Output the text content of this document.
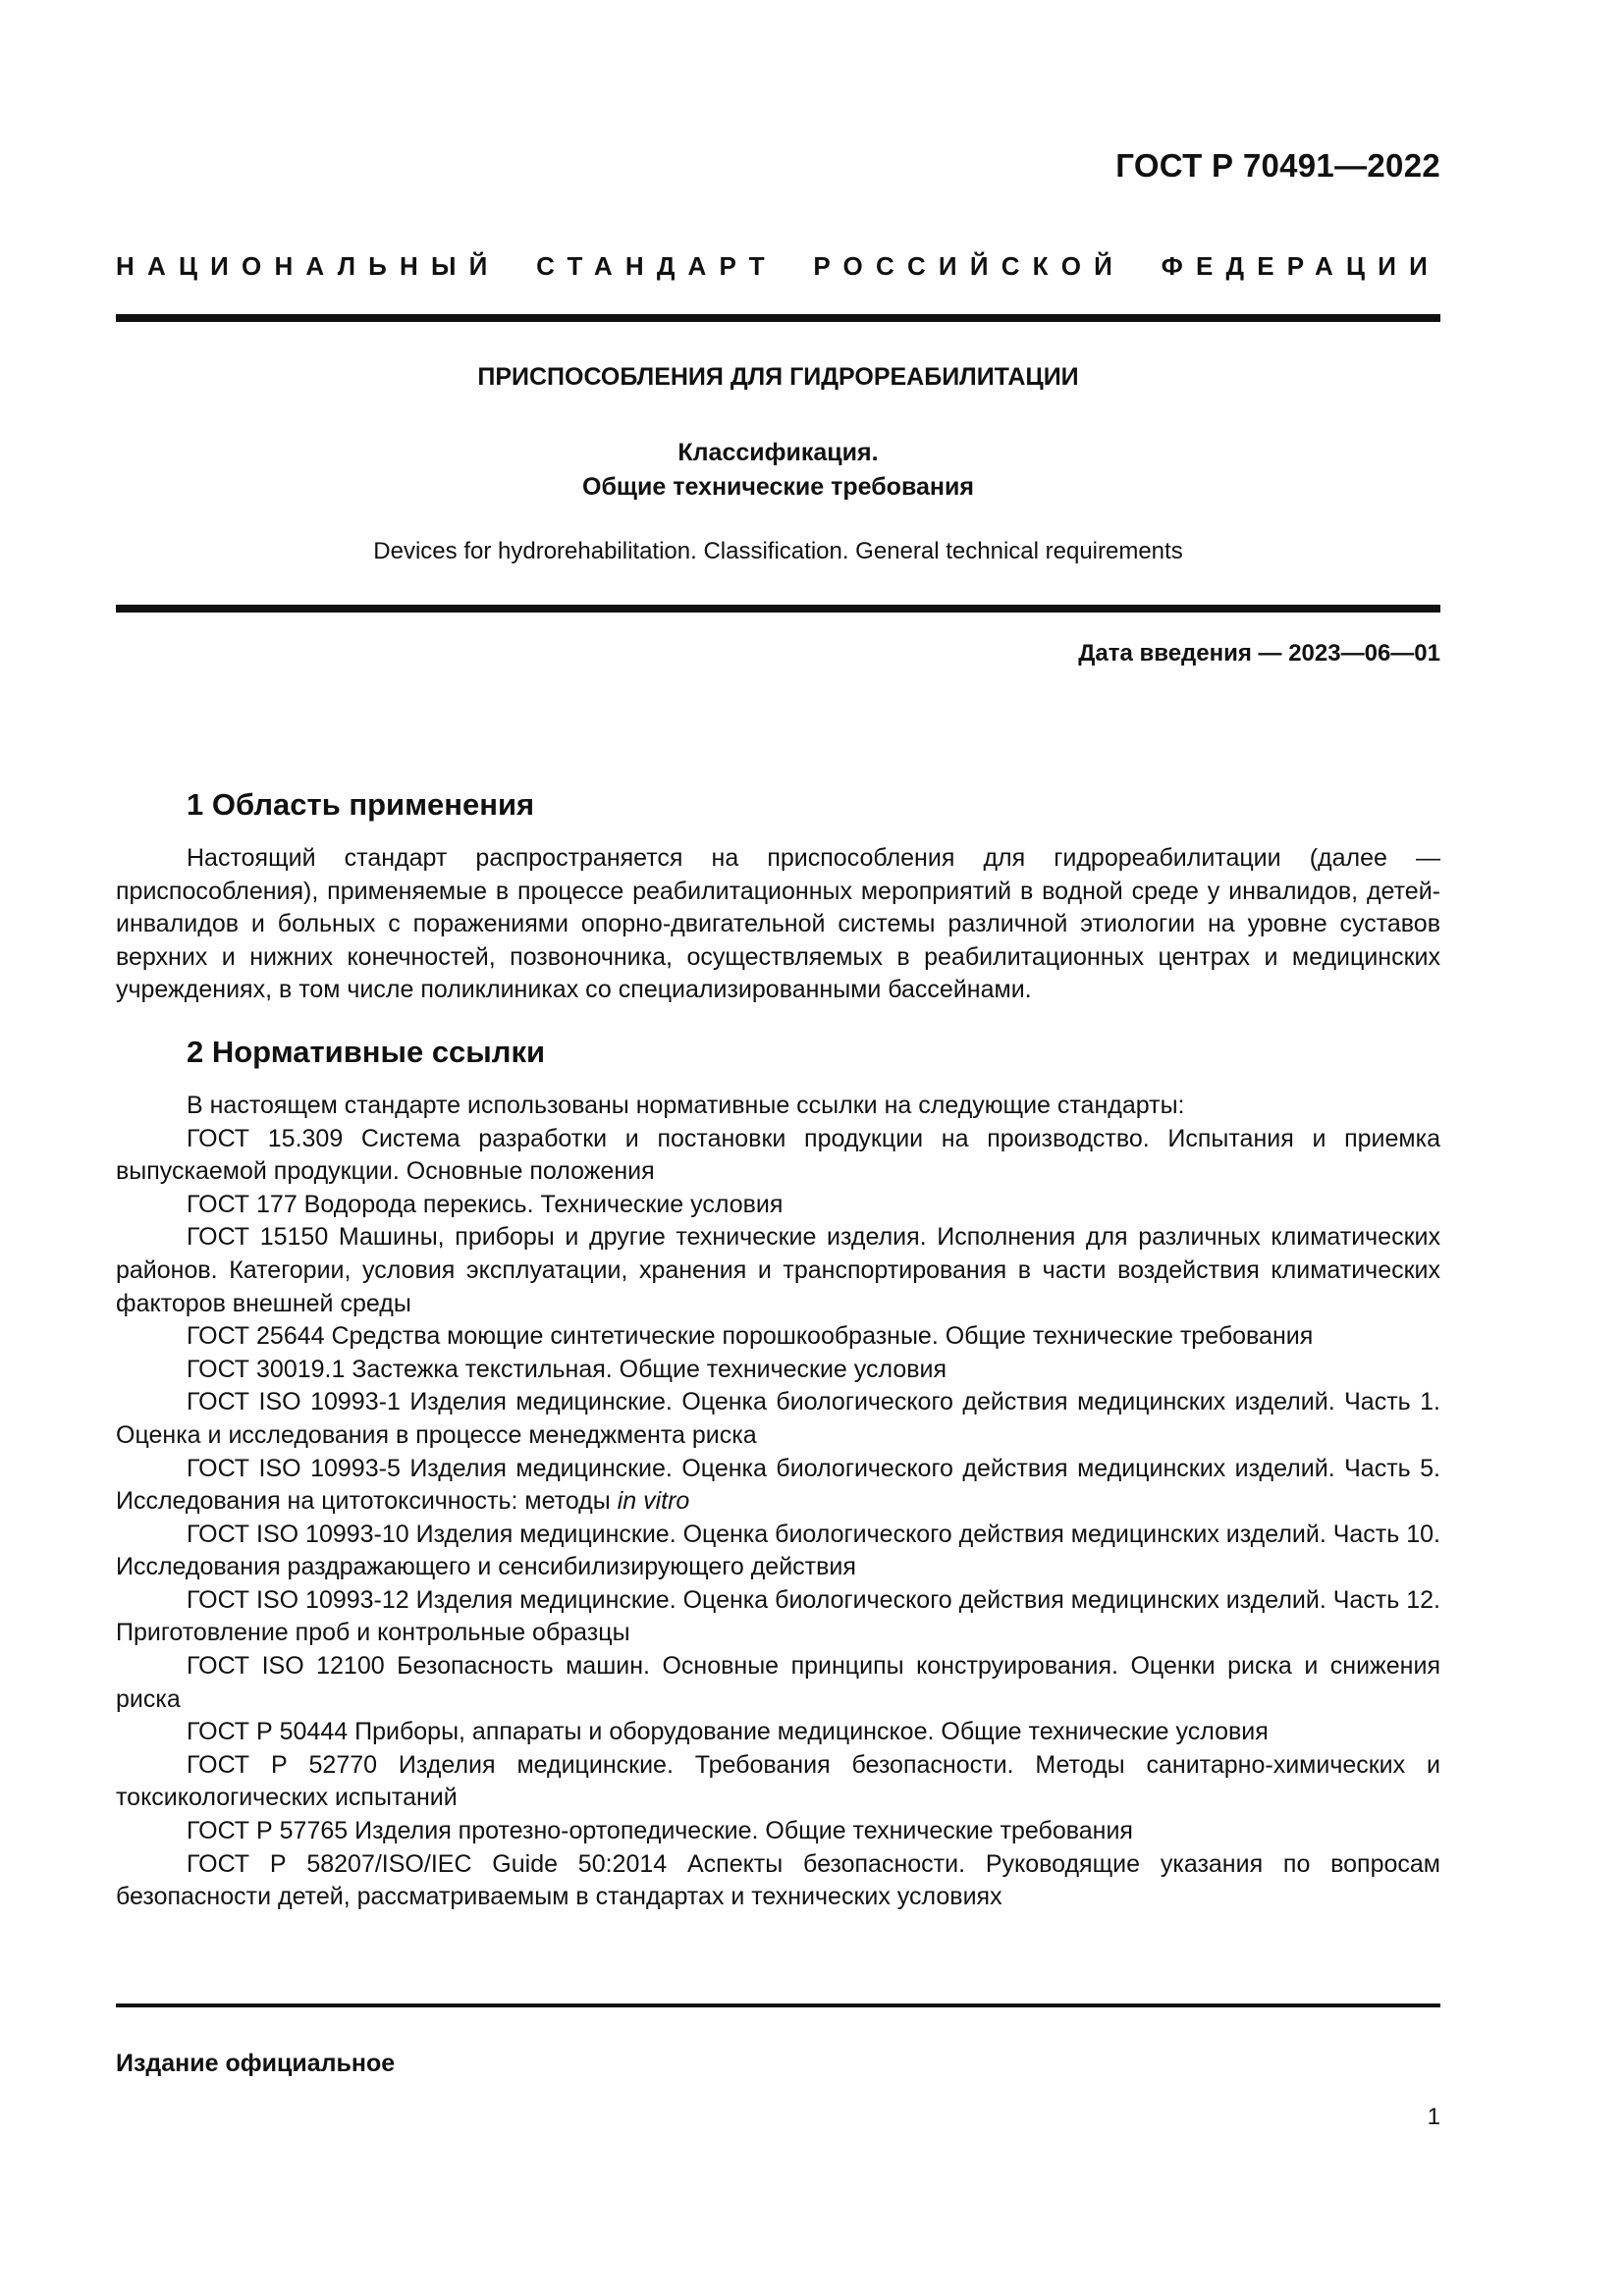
ГОСТ Р 70491—2022
НАЦИОНАЛЬНЫЙ СТАНДАРТ РОССИЙСКОЙ ФЕДЕРАЦИИ
ПРИСПОСОБЛЕНИЯ ДЛЯ ГИДРОРЕАБИЛИТАЦИИ
Классификация.
Общие технические требования
Devices for hydrorehabilitation. Classification. General technical requirements
Дата введения — 2023—06—01
1 Область применения

Настоящий стандарт распространяется на приспособления для гидрореабилитации (далее — приспособления), применяемые в процессе реабилитационных мероприятий в водной среде у инвалидов, детей-инвалидов и больных с поражениями опорно-двигательной системы различной этиологии на уровне суставов верхних и нижних конечностей, позвоночника, осуществляемых в реабилитационных центрах и медицинских учреждениях, в том числе поликлиниках со специализированными бассейнами.

2 Нормативные ссылки

В настоящем стандарте использованы нормативные ссылки на следующие стандарты:

ГОСТ 15.309 Система разработки и постановки продукции на производство. Испытания и приемка выпускаемой продукции. Основные положения

ГОСТ 177 Водорода перекись. Технические условия

ГОСТ 15150 Машины, приборы и другие технические изделия. Исполнения для различных климатических районов. Категории, условия эксплуатации, хранения и транспортирования в части воздействия климатических факторов внешней среды

ГОСТ 25644 Средства моющие синтетические порошкообразные. Общие технические требования

ГОСТ 30019.1 Застежка текстильная. Общие технические условия

ГОСТ ISO 10993-1 Изделия медицинские. Оценка биологического действия медицинских изделий. Часть 1. Оценка и исследования в процессе менеджмента риска

ГОСТ ISO 10993-5 Изделия медицинские. Оценка биологического действия медицинских изделий. Часть 5. Исследования на цитотоксичность: методы in vitro

ГОСТ ISO 10993-10 Изделия медицинские. Оценка биологического действия медицинских изделий. Часть 10. Исследования раздражающего и сенсибилизирующего действия

ГОСТ ISO 10993-12 Изделия медицинские. Оценка биологического действия медицинских изделий. Часть 12. Приготовление проб и контрольные образцы

ГОСТ ISO 12100 Безопасность машин. Основные принципы конструирования. Оценки риска и снижения риска

ГОСТ Р 50444 Приборы, аппараты и оборудование медицинское. Общие технические условия

ГОСТ Р 52770 Изделия медицинские. Требования безопасности. Методы санитарно-химических и токсикологических испытаний

ГОСТ Р 57765 Изделия протезно-ортопедические. Общие технические требования

ГОСТ Р 58207/ISO/IEC Guide 50:2014 Аспекты безопасности. Руководящие указания по вопросам безопасности детей, рассматриваемым в стандартах и технических условиях

Издание официальное
1
